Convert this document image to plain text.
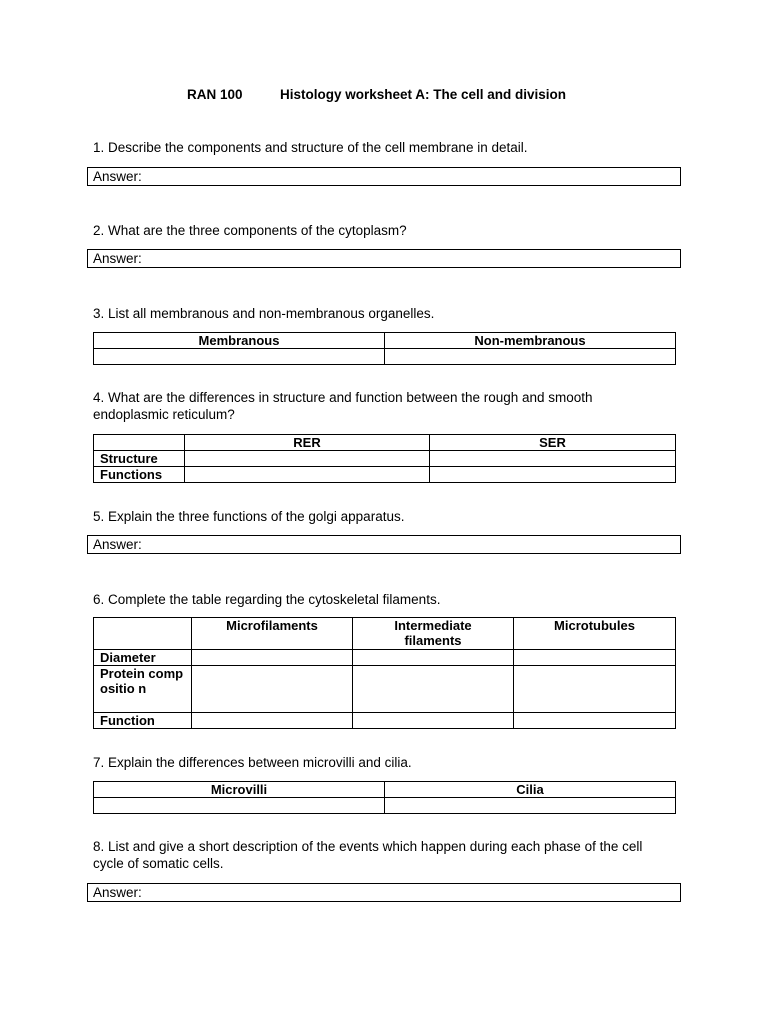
RAN 100	Histology worksheet A: The cell and division
1. Describe the components and structure of the cell membrane in detail.
Answer:
2. What are the three components of the cytoplasm?
Answer:
3. List all membranous and non-membranous organelles.
Membranous	Non-membranous

4. What are the differences in structure and function between the rough and smooth
endoplasmic reticulum?
	RER	SER
Structure		
Functions		
5. Explain the three functions of the golgi apparatus.
Answer:
6. Complete the table regarding the cytoskeletal filaments.
	Microfilaments	Intermediate filaments	Microtubules
Diameter			
Protein compositio n			
Function			
7. Explain the differences between microvilli and cilia.
Microvilli	Cilia

8. List and give a short description of the events which happen during each phase of the cell
cycle of somatic cells.
Answer:
